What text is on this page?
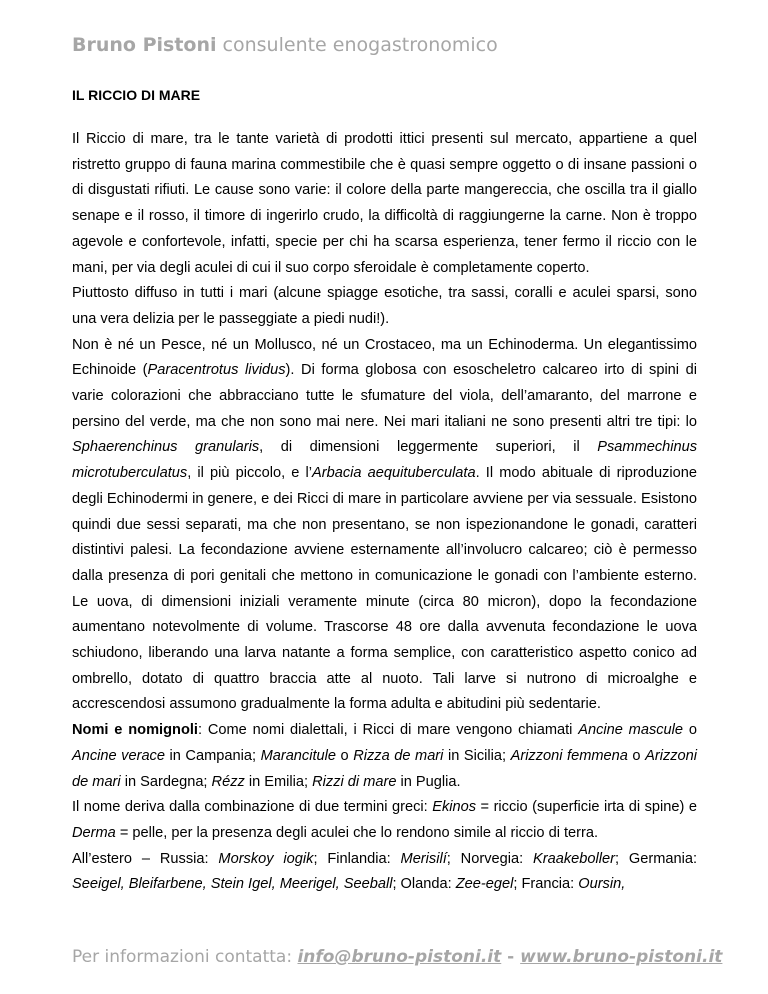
Bruno Pistoni consulente enogastronomico
IL RICCIO DI MARE

Il Riccio di mare, tra le tante varietà di prodotti ittici presenti sul mercato, appartiene a quel ristretto gruppo di fauna marina commestibile che è quasi sempre oggetto o di insane passioni o di disgustati rifiuti. Le cause sono varie: il colore della parte mangereccia, che oscilla tra il giallo senape e il rosso, il timore di ingerirlo crudo, la difficoltà di raggiungerne la carne. Non è troppo agevole e confortevole, infatti, specie per chi ha scarsa esperienza, tener fermo il riccio con le mani, per via degli aculei di cui il suo corpo sferoidale è completamente coperto.

Piuttosto diffuso in tutti i mari (alcune spiagge esotiche, tra sassi, coralli e aculei sparsi, sono una vera delizia per le passeggiate a piedi nudi!).

Non è né un Pesce, né un Mollusco, né un Crostaceo, ma un Echinoderma. Un elegantissimo Echinoide (Paracentrotus lividus). Di forma globosa con esoscheletro calcareo irto di spini di varie colorazioni che abbracciano tutte le sfumature del viola, dell’amaranto, del marrone e persino del verde, ma che non sono mai nere. Nei mari italiani ne sono presenti altri tre tipi: lo Sphaerenchinus granularis, di dimensioni leggermente superiori, il Psammechinus microtuberculatus, il più piccolo, e l’Arbacia aequituberculata. Il modo abituale di riproduzione degli Echinodermi in genere, e dei Ricci di mare in particolare avviene per via sessuale. Esistono quindi due sessi separati, ma che non presentano, se non ispezionandone le gonadi, caratteri distintivi palesi. La fecondazione avviene esternamente all’involucro calcareo; ciò è permesso dalla presenza di pori genitali che mettono in comunicazione le gonadi con l’ambiente esterno. Le uova, di dimensioni iniziali veramente minute (circa 80 micron), dopo la fecondazione aumentano notevolmente di volume. Trascorse 48 ore dalla avvenuta fecondazione le uova schiudono, liberando una larva natante a forma semplice, con caratteristico aspetto conico ad ombrello, dotato di quattro braccia atte al nuoto. Tali larve si nutrono di microalghe e accrescendosi assumono gradualmente la forma adulta e abitudini più sedentarie.

Nomi e nomignoli: Come nomi dialettali, i Ricci di mare vengono chiamati Ancine mascule o Ancine verace in Campania; Marancitule o Rizza de mari in Sicilia; Arizzoni femmena o Arizzoni de mari in Sardegna; Rézz in Emilia; Rizzi di mare in Puglia.

Il nome deriva dalla combinazione di due termini greci: Ekinos = riccio (superficie irta di spine) e Derma = pelle, per la presenza degli aculei che lo rendono simile al riccio di terra.

All’estero – Russia: Morskoy iogik; Finlandia: Merisilí; Norvegia: Kraakeboller; Germania: Seeigel, Bleifarbene, Stein Igel, Meerigel, Seeball; Olanda: Zee-egel; Francia: Oursin,

Per informazioni contatta: info@bruno-pistoni.it - www.bruno-pistoni.it
